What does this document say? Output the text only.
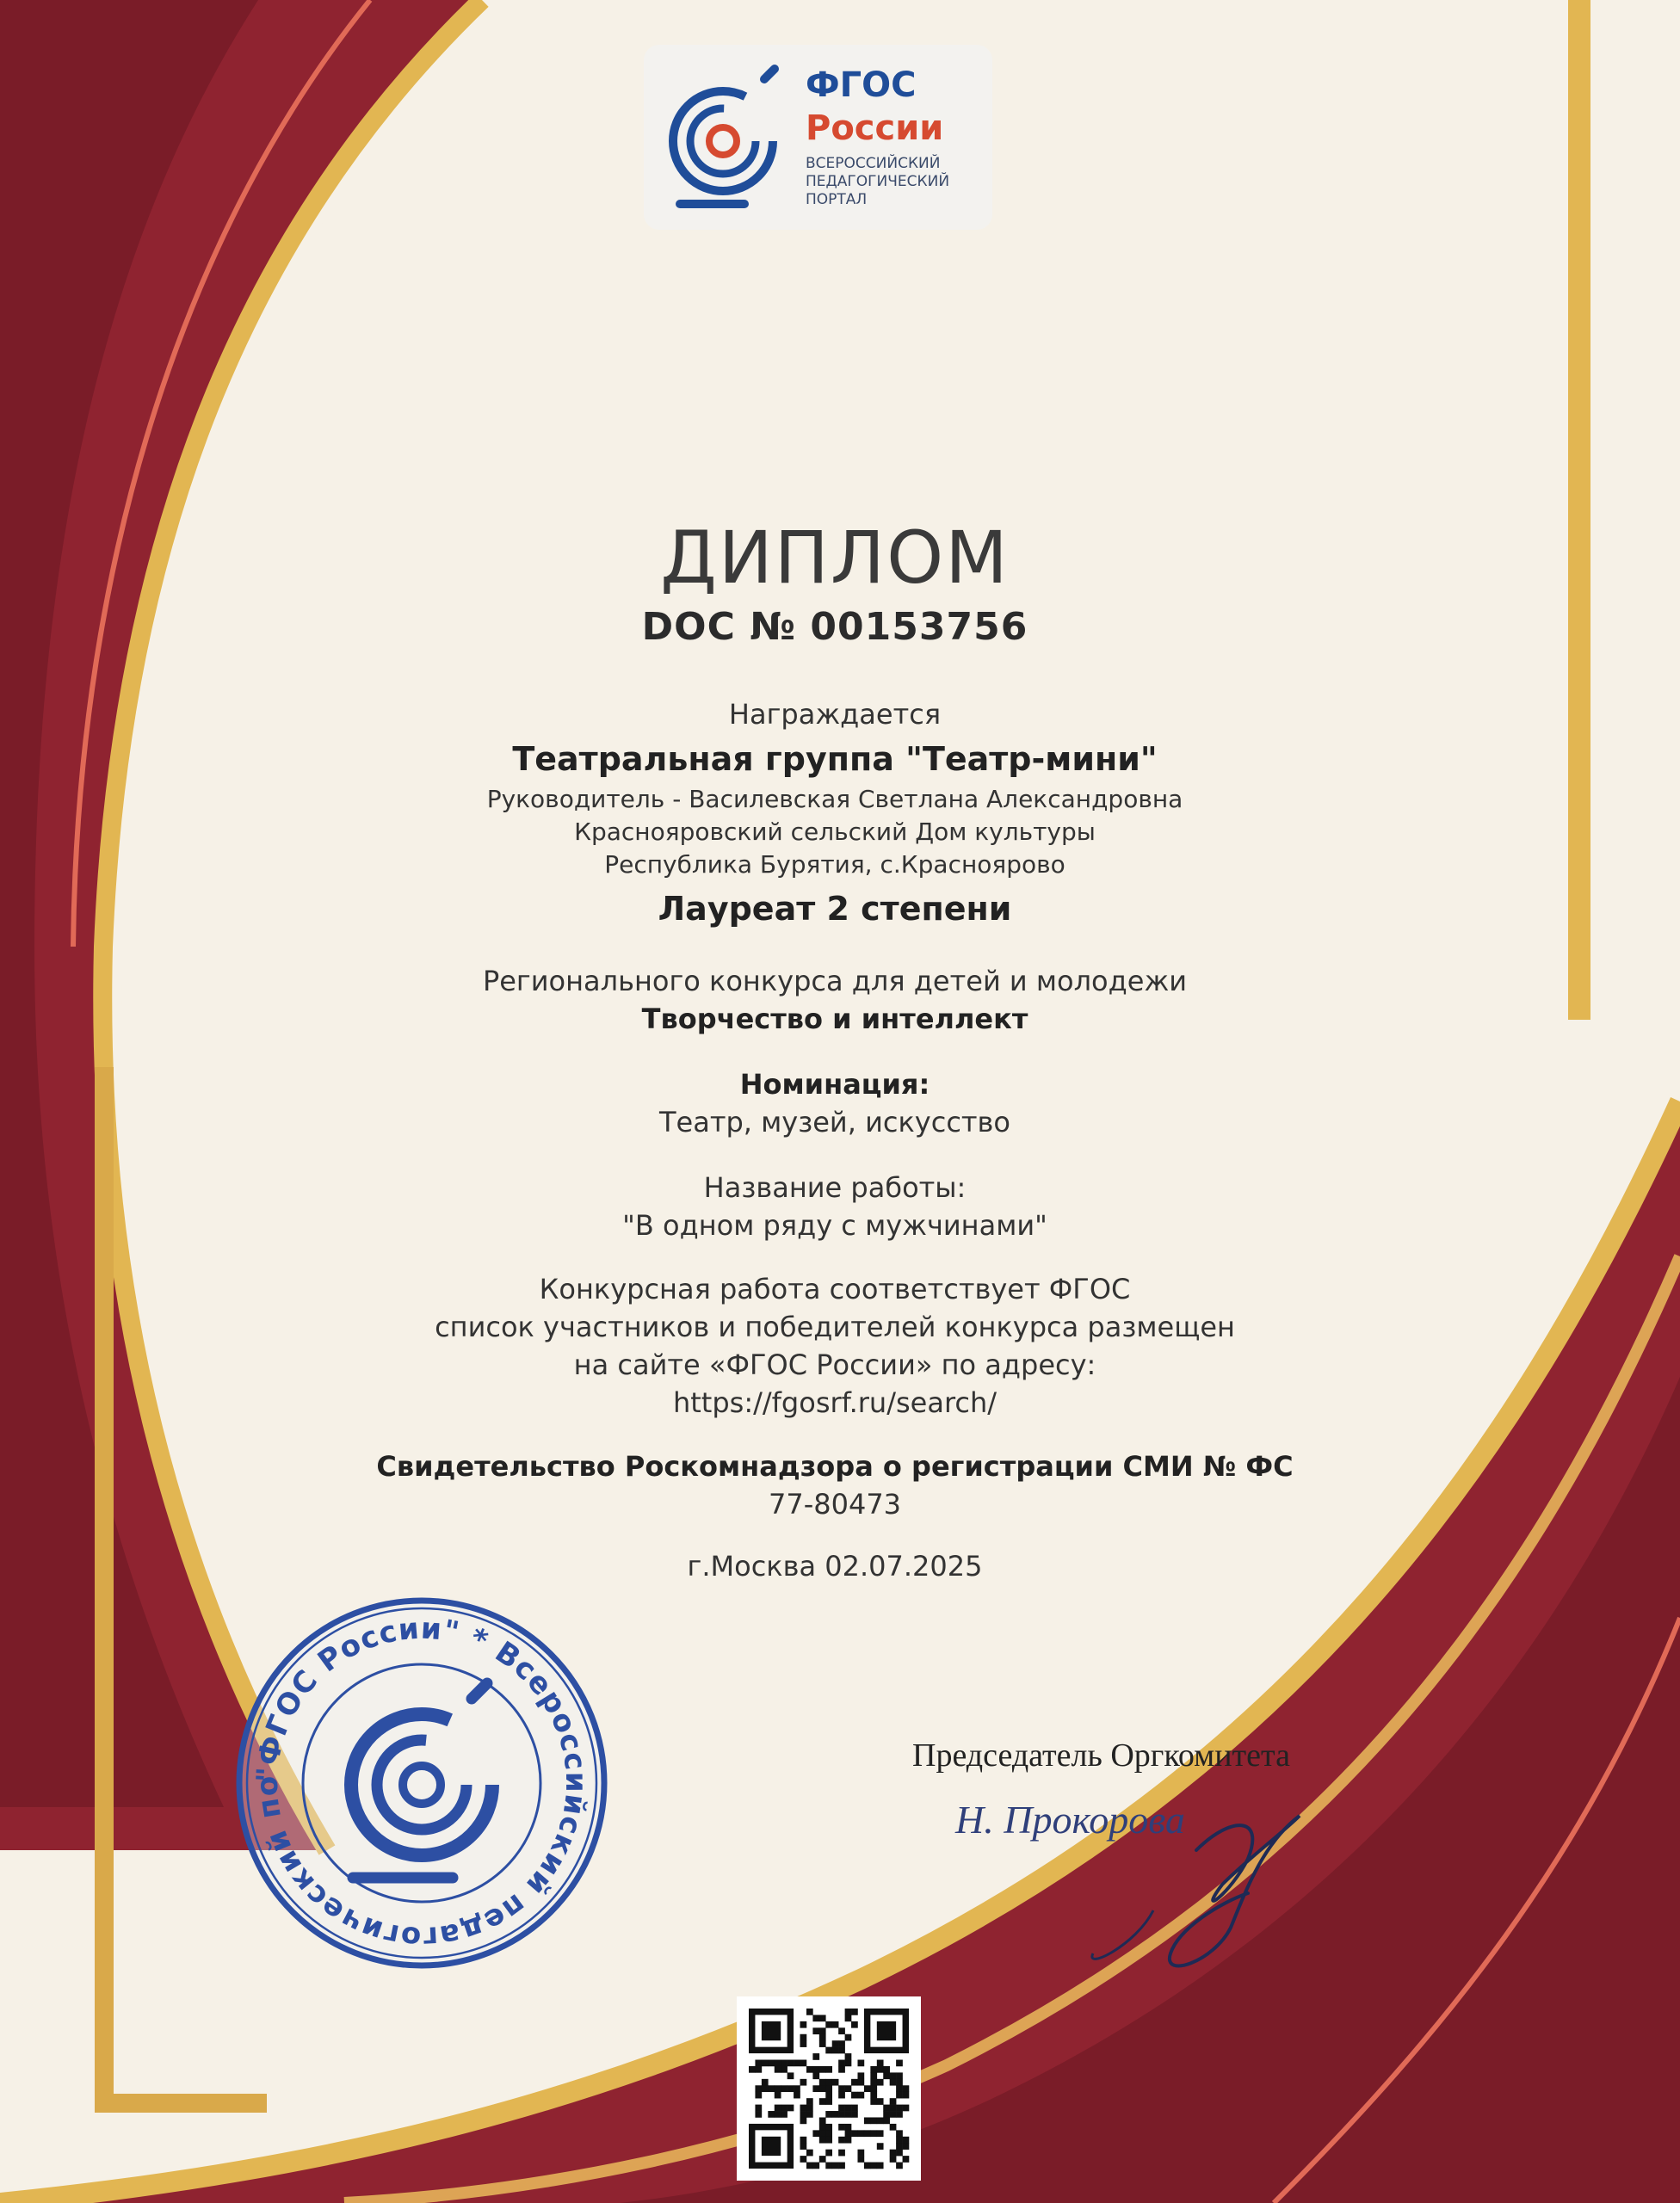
ФГОС
России
ВСЕРОССИЙСКИЙ ПЕДАГОГИЧЕСКИЙ ПОРТАЛ
ДИПЛОМ
DOC № 00153756
Награждается
Театральная группа "Театр-мини"
Руководитель - Василевская Светлана Александровна
Краснояровский сельский Дом культуры
Республика Бурятия, с.Красноярово
Лауреат 2 степени
Регионального конкурса для детей и молодежи
Творчество и интеллект
Номинация:
Театр, музей, искусство
Название работы:
"В одном ряду с мужчинами"
Конкурсная работа соответствует ФГОС
список участников и победителей конкурса размещен
на сайте «ФГОС России» по адресу:
https://fgosrf.ru/search/
Свидетельство Роскомнадзора о регистрации СМИ № ФС
77-80473
г.Москва 02.07.2025
"ФГОС России" * Всероссийский педагогический по
Председатель Оргкомитета
Н. Прокорова
